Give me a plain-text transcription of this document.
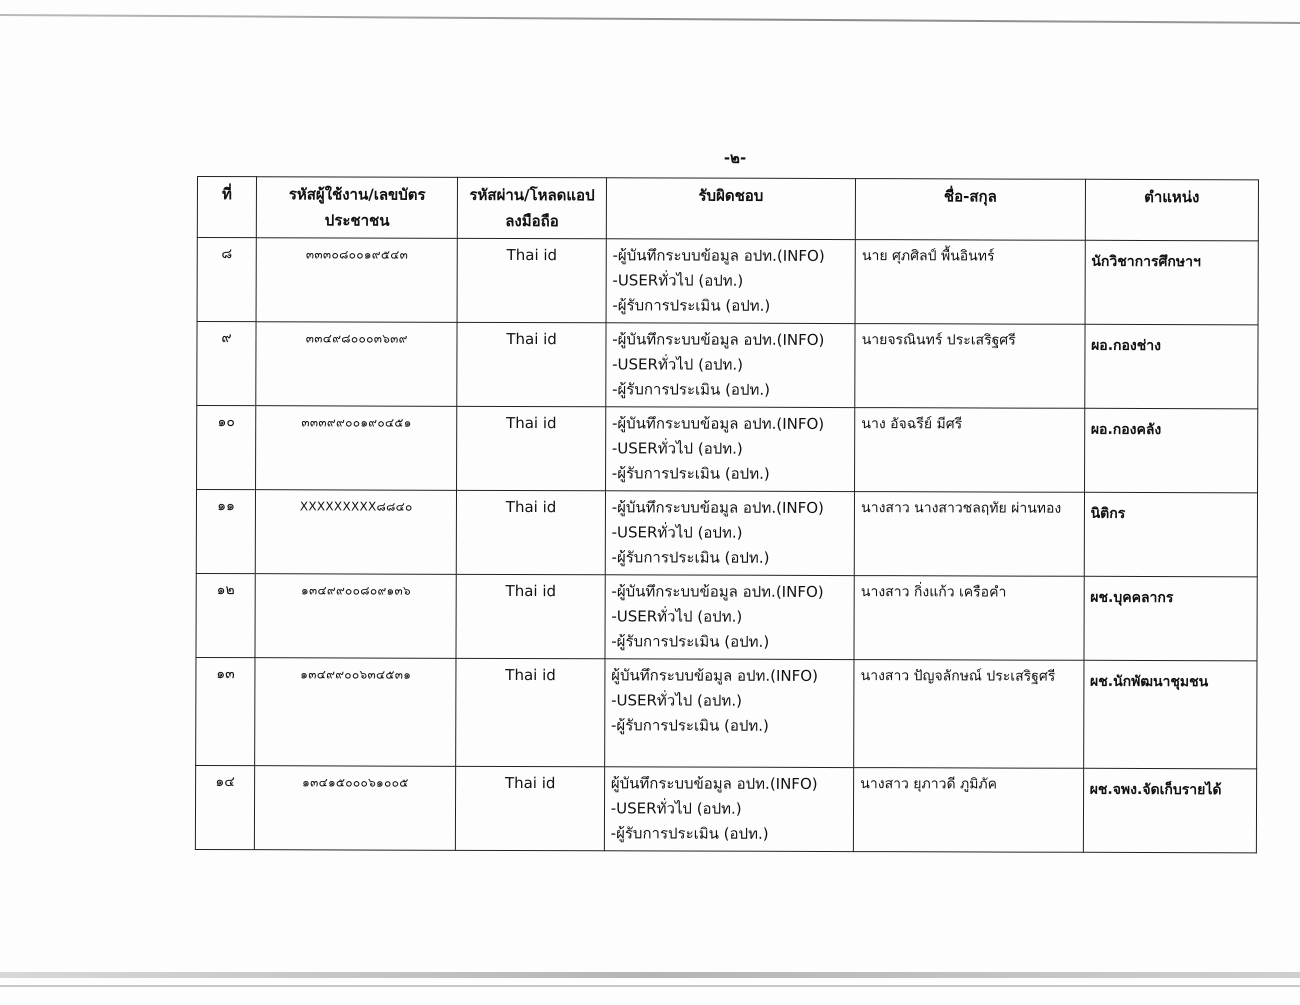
-๒-
ที่	รหัสผู้ใช้งาน/เลขบัตรประชาชน	รหัสผ่าน/โหลดแอปลงมือถือ	รับผิดชอบ	ชื่อ-สกุล	ตำแหน่ง
๘	๓๓๓๐๘๐๐๑๙๕๔๓	Thai id	-ผู้บันทึกระบบข้อมูล อปท.(INFO)
-USERทั่วไป (อปท.)
-ผู้รับการประเมิน (อปท.)	นาย ศุภศิลป์ พื้นอินทร์	นักวิชาการศึกษาฯ
๙	๓๓๔๙๘๐๐๐๓๖๓๙	Thai id	-ผู้บันทึกระบบข้อมูล อปท.(INFO)
-USERทั่วไป (อปท.)
-ผู้รับการประเมิน (อปท.)	นายจรณินทร์ ประเสริฐศรี	ผอ.กองช่าง
๑๐	๓๓๓๙๙๐๐๑๙๐๔๕๑	Thai id	-ผู้บันทึกระบบข้อมูล อปท.(INFO)
-USERทั่วไป (อปท.)
-ผู้รับการประเมิน (อปท.)	นาง อัจฉรีย์ มีศรี	ผอ.กองคลัง
๑๑	XXXXXXXXX๘๘๔๐	Thai id	-ผู้บันทึกระบบข้อมูล อปท.(INFO)
-USERทั่วไป (อปท.)
-ผู้รับการประเมิน (อปท.)	นางสาว นางสาวชลฤทัย ผ่านทอง	นิติกร
๑๒	๑๓๔๙๙๐๐๘๐๙๑๓๖	Thai id	-ผู้บันทึกระบบข้อมูล อปท.(INFO)
-USERทั่วไป (อปท.)
-ผู้รับการประเมิน (อปท.)	นางสาว กิ่งแก้ว เครือคำ	ผช.บุคคลากร
๑๓	๑๓๔๙๙๐๐๖๓๔๕๓๑	Thai id	ผู้บันทึกระบบข้อมูล อปท.(INFO)
-USERทั่วไป (อปท.)
-ผู้รับการประเมิน (อปท.)	นางสาว ปัญจลักษณ์ ประเสริฐศรี	ผช.นักพัฒนาชุมชน
๑๔	๑๓๔๑๕๐๐๐๖๑๐๐๕	Thai id	ผู้บันทึกระบบข้อมูล อปท.(INFO)
-USERทั่วไป (อปท.)
-ผู้รับการประเมิน (อปท.)	นางสาว ยุภาวดี ภูมิภัค	ผช.จพง.จัดเก็บรายได้
